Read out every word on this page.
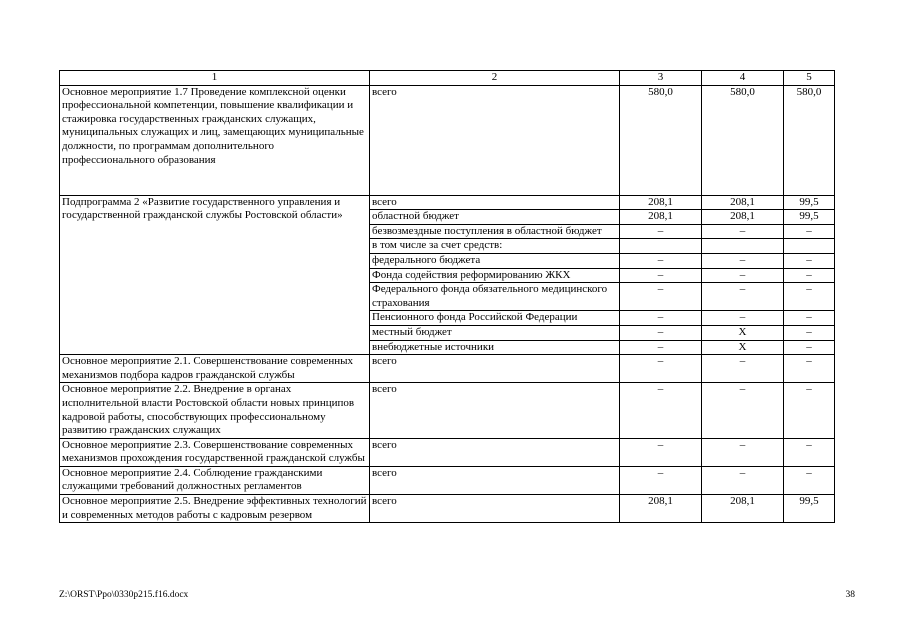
1	2	3	4	5
Основное мероприятие 1.7 Проведение комплексной оценки профессиональной компетенции, повышение квалификации и стажировка государственных гражданских служащих, муниципальных служащих и лиц, замещающих муниципальные должности, по программам дополнительного профессионального образования	всего	580,0	580,0	580,0
Подпрограмма 2 «Развитие государственного управления и государственной гражданской службы Ростовской области»	всего	208,1	208,1	99,5
	областной бюджет	208,1	208,1	99,5
	безвозмездные поступления в областной бюджет	–	–	–
	в том числе за счет средств:			
	федерального бюджета	–	–	–
	Фонда содействия реформированию ЖКХ	–	–	–
	Федерального фонда обязательного медицинского страхования	–	–	–
	Пенсионного фонда Российской Федерации	–	–	–
	местный бюджет	–	Х	–
	внебюджетные источники	–	Х	–
Основное мероприятие 2.1. Совершенствование современных механизмов подбора кадров гражданской службы	всего	–	–	–
Основное мероприятие 2.2. Внедрение в органах исполнительной власти Ростовской области новых принципов кадровой работы, способствующих профессиональному развитию гражданских служащих	всего	–	–	–
Основное мероприятие 2.3. Совершенствование современных механизмов прохождения государственной гражданской службы	всего	–	–	–
Основное мероприятие 2.4. Соблюдение гражданскими служащими требований должностных регламентов	всего	–	–	–
Основное мероприятие 2.5. Внедрение эффективных технологий и современных методов работы с кадровым резервом	всего	208,1	208,1	99,5
Z:\ORST\Ppo\0330p215.f16.docx	38
